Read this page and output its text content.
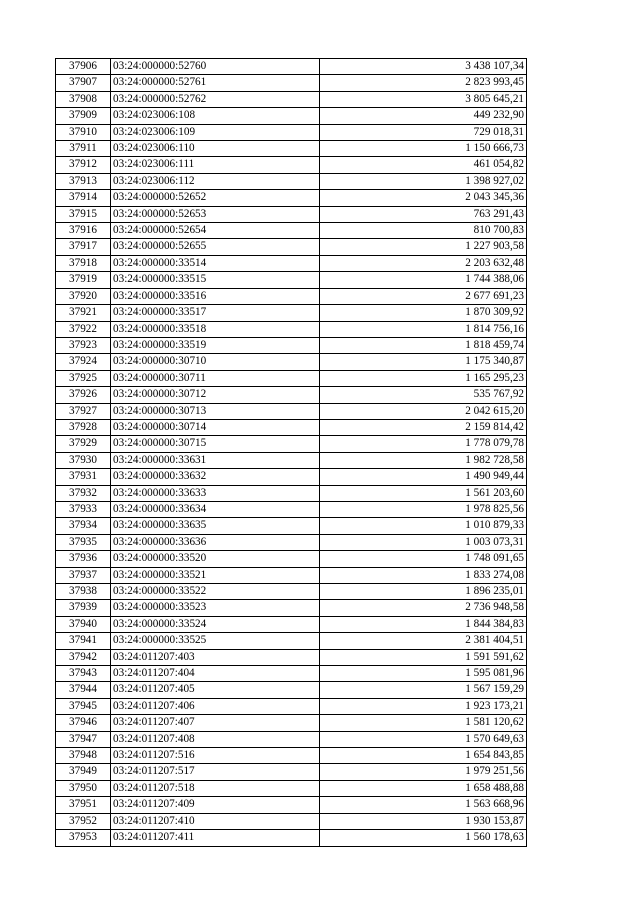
37906	03:24:000000:52760	3 438 107,34
37907	03:24:000000:52761	2 823 993,45
37908	03:24:000000:52762	3 805 645,21
37909	03:24:023006:108	449 232,90
37910	03:24:023006:109	729 018,31
37911	03:24:023006:110	1 150 666,73
37912	03:24:023006:111	461 054,82
37913	03:24:023006:112	1 398 927,02
37914	03:24:000000:52652	2 043 345,36
37915	03:24:000000:52653	763 291,43
37916	03:24:000000:52654	810 700,83
37917	03:24:000000:52655	1 227 903,58
37918	03:24:000000:33514	2 203 632,48
37919	03:24:000000:33515	1 744 388,06
37920	03:24:000000:33516	2 677 691,23
37921	03:24:000000:33517	1 870 309,92
37922	03:24:000000:33518	1 814 756,16
37923	03:24:000000:33519	1 818 459,74
37924	03:24:000000:30710	1 175 340,87
37925	03:24:000000:30711	1 165 295,23
37926	03:24:000000:30712	535 767,92
37927	03:24:000000:30713	2 042 615,20
37928	03:24:000000:30714	2 159 814,42
37929	03:24:000000:30715	1 778 079,78
37930	03:24:000000:33631	1 982 728,58
37931	03:24:000000:33632	1 490 949,44
37932	03:24:000000:33633	1 561 203,60
37933	03:24:000000:33634	1 978 825,56
37934	03:24:000000:33635	1 010 879,33
37935	03:24:000000:33636	1 003 073,31
37936	03:24:000000:33520	1 748 091,65
37937	03:24:000000:33521	1 833 274,08
37938	03:24:000000:33522	1 896 235,01
37939	03:24:000000:33523	2 736 948,58
37940	03:24:000000:33524	1 844 384,83
37941	03:24:000000:33525	2 381 404,51
37942	03:24:011207:403	1 591 591,62
37943	03:24:011207:404	1 595 081,96
37944	03:24:011207:405	1 567 159,29
37945	03:24:011207:406	1 923 173,21
37946	03:24:011207:407	1 581 120,62
37947	03:24:011207:408	1 570 649,63
37948	03:24:011207:516	1 654 843,85
37949	03:24:011207:517	1 979 251,56
37950	03:24:011207:518	1 658 488,88
37951	03:24:011207:409	1 563 668,96
37952	03:24:011207:410	1 930 153,87
37953	03:24:011207:411	1 560 178,63
